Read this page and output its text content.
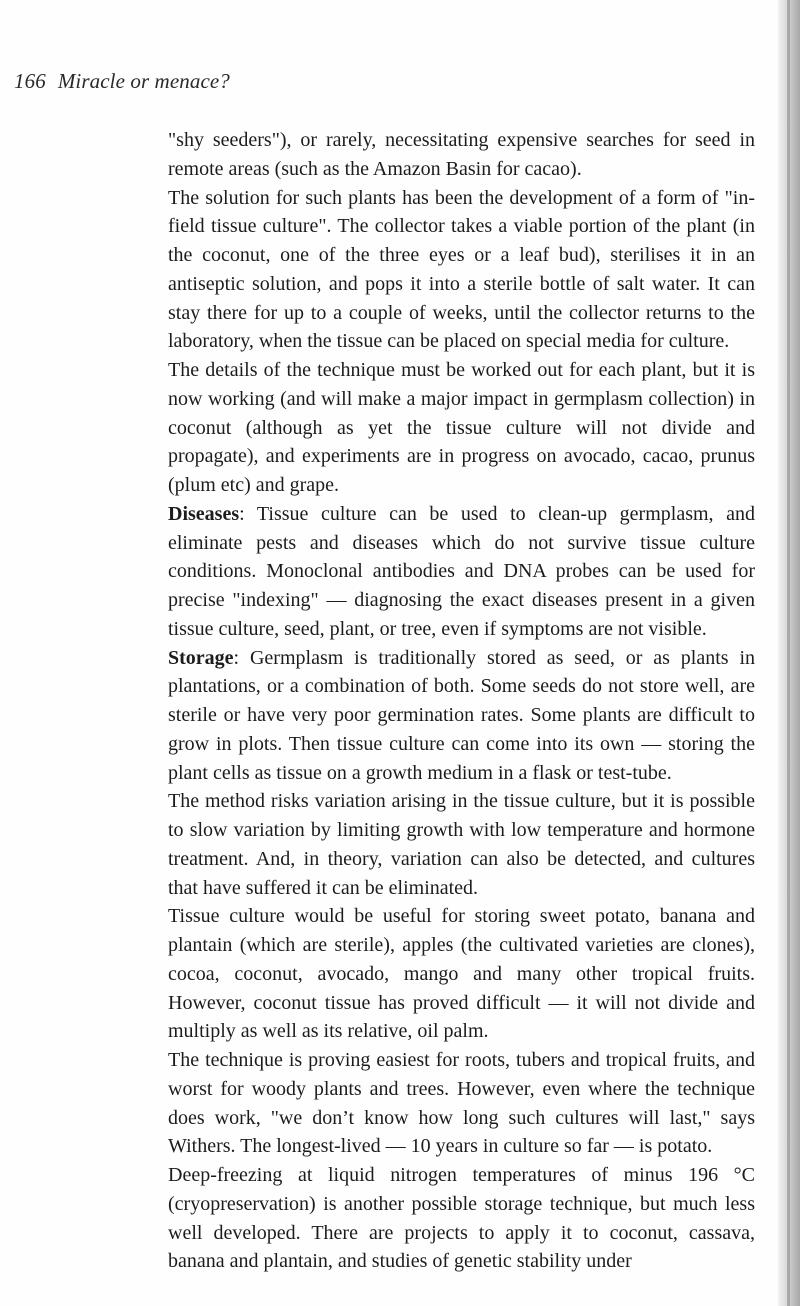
166 Miracle or menace?

"shy seeders"), or rarely, necessitating expensive searches for seed in remote areas (such as the Amazon Basin for cacao).

The solution for such plants has been the development of a form of "in-field tissue culture". The collector takes a viable portion of the plant (in the coconut, one of the three eyes or a leaf bud), sterilises it in an antiseptic solution, and pops it into a sterile bottle of salt water. It can stay there for up to a couple of weeks, until the collector returns to the laboratory, when the tissue can be placed on special media for culture.

The details of the technique must be worked out for each plant, but it is now working (and will make a major impact in germplasm collection) in coconut (although as yet the tissue culture will not divide and propagate), and experiments are in progress on avocado, cacao, prunus (plum etc) and grape.

Diseases: Tissue culture can be used to clean-up germplasm, and eliminate pests and diseases which do not survive tissue culture conditions. Monoclonal antibodies and DNA probes can be used for precise "indexing" — diagnosing the exact diseases present in a given tissue culture, seed, plant, or tree, even if symptoms are not visible.

Storage: Germplasm is traditionally stored as seed, or as plants in plantations, or a combination of both. Some seeds do not store well, are sterile or have very poor germination rates. Some plants are difficult to grow in plots. Then tissue culture can come into its own — storing the plant cells as tissue on a growth medium in a flask or test-tube.

The method risks variation arising in the tissue culture, but it is possible to slow variation by limiting growth with low temperature and hormone treatment. And, in theory, variation can also be detected, and cultures that have suffered it can be eliminated.

Tissue culture would be useful for storing sweet potato, banana and plantain (which are sterile), apples (the cultivated varieties are clones), cocoa, coconut, avocado, mango and many other tropical fruits. However, coconut tissue has proved difficult — it will not divide and multiply as well as its relative, oil palm.

The technique is proving easiest for roots, tubers and tropical fruits, and worst for woody plants and trees. However, even where the technique does work, "we don’t know how long such cultures will last," says Withers. The longest-lived — 10 years in culture so far — is potato.

Deep-freezing at liquid nitrogen temperatures of minus 196 °C (cryopreservation) is another possible storage technique, but much less well developed. There are projects to apply it to coconut, cassava, banana and plantain, and studies of genetic stability under
